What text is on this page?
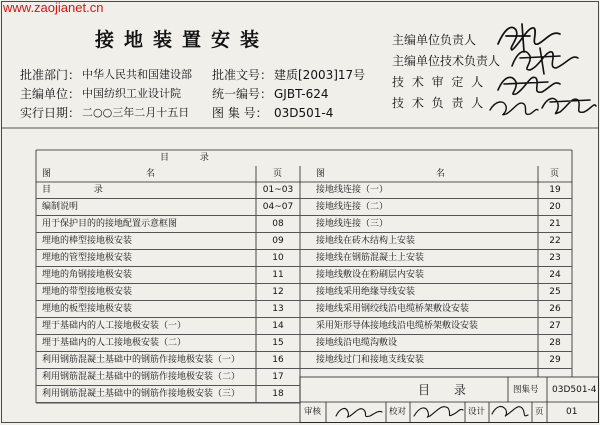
www.zaojianet.cn
接地装置安装
批准部门： 中华人民共和国建设部 批准文号： 建质[2003]17号
主编单位： 中国纺织工业设计院	统一编号： GJBT-624
实行日期： 二○○三年二月十五日 图 集 号： 03D501-4
主编单位负责人
主编单位技术负责人
技 术 审 定 人
技 术 负 责 人
目 录
图	名	页	图	名	页
目 录	01~03
编制说明	04~07
用于保护目的的接地配置示意框图	08
埋地的棒型接地极安装	09
埋地的管型接地极安装	10
埋地的角钢接地极安装	11
埋地的带型接地极安装	12
埋地的板型接地极安装	13
埋于基础内的人工接地极安装（一）	14
埋于基础内的人工接地极安装（二）	15
利用钢筋混凝土基础中的钢筋作接地极安装（一）	16
利用钢筋混凝土基础中的钢筋作接地极安装（二）	17
利用钢筋混凝土基础中的钢筋作接地极安装（三）	18
接地线连接（一）	19
接地线连接（二）	20
接地线连接（三）	21
接地线在砖木结构上安装	22
接地线在钢筋混凝土上安装	23
接地线敷设在粉刷层内安装	24
接地线采用绝缘导线安装	25
接地线采用钢绞线沿电缆桥架敷设安装	26
采用矩形导体接地线沿电缆桥架敷设安装	27
接地线沿电缆沟敷设	28
接地线过门和接地支线安装	29
目 录	图集号 03D501-4
审核	校对	设计	页 01
